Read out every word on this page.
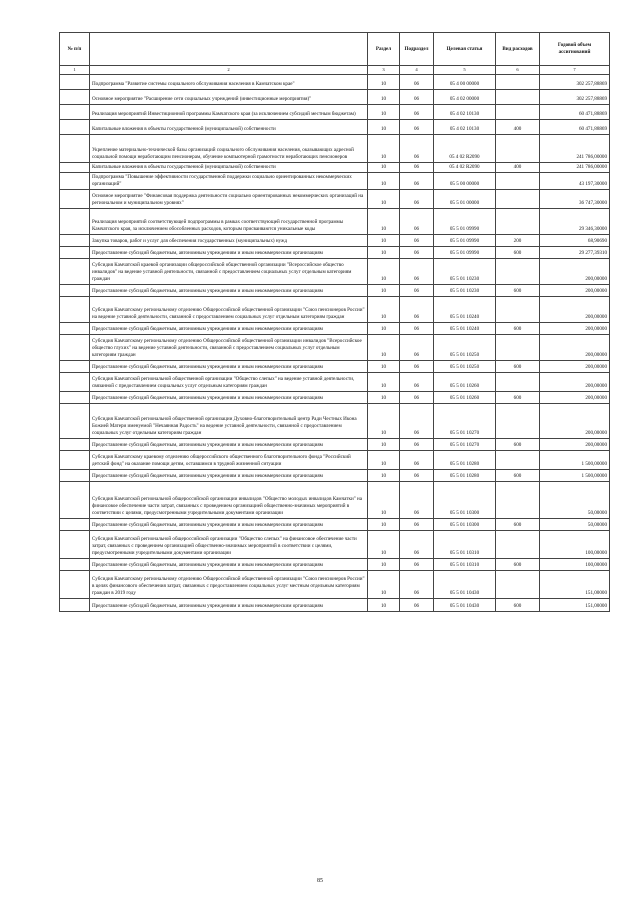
№ п/п		Раздел	Подраздел	Целевая статья	Вид расходов	Годовой объем ассигнований
1	2	3	4	5	6	7
	Подпрограмма "Развитие системы социального обслуживания населения в Камчатском крае"	10	06	05 4 00 00000		302 257,88869
	Основное мероприятие "Расширение сети социальных учреждений (инвестиционные мероприятия)"	10	06	05 4 02 00000		302 257,88869
	Реализация мероприятий Инвестиционной программы Камчатского края (за исключением субсидий местным бюджетам)	10	06	05 4 02 10130		60 471,88869
	Капитальные вложения в объекты государственной (муниципальной) собственности	10	06	05 4 02 10130	400	60 471,88869
	Укрепление материально-технической базы организаций социального обслуживания населения, оказывающих адресной социальной помощи неработающим пенсионерам, обучение компьютерной грамотности неработающих пенсионеров	10	06	05 4 02 R2090		241 786,00000
	Капитальные вложения в объекты государственной (муниципальной) собственности	10	06	05 4 02 R2090	400	241 786,00000
	Подпрограмма "Повышение эффективности государственной поддержки социально ориентированных некоммерческих организаций"	10	06	05 5 00 00000		43 197,30000
	Основное мероприятие "Финансовая поддержка деятельности социально ориентированных некоммерческих организаций на региональном и муниципальном уровнях"	10	06	05 5 01 00000		36 747,30000
	Реализация мероприятий соответствующей подпрограммы в рамках соответствующей государственной программы Камчатского края, за исключением обособленных расходов, которым присваиваются уникальные коды	10	06	05 5 01 09990		29 346,30000
	Закупка товаров, работ и услуг для обеспечения государственных (муниципальных) нужд	10	06	05 5 01 09990	200	68,90690
	Предоставление субсидий бюджетным, автономным учреждениям и иным некоммерческим организациям	10	06	05 5 01 09990	600	29 277,39310
	Субсидия Камчатской краевой организации общероссийской общественной организации "Всероссийское общество инвалидов" на ведение уставной деятельности, связанной с предоставлением социальных услуг отдельным категориям граждан	10	06	05 5 01 10230		200,00000
	Предоставление субсидий бюджетным, автономным учреждениям и иным некоммерческим организациям	10	06	05 5 01 10230	600	200,00000
	Субсидия Камчатскому региональному отделению Общероссийской общественной организации "Союз пенсионеров России" на ведение уставной деятельности, связанной с предоставлением социальных услуг отдельным категориям граждан	10	06	05 5 01 10240		200,00000
	Предоставление субсидий бюджетным, автономным учреждениям и иным некоммерческим организациям	10	06	05 5 01 10240	600	200,00000
	Субсидия Камчатскому региональному отделению Общероссийской общественной организации инвалидов "Всероссийское общество глухих" на ведение уставной деятельности, связанной с предоставлением социальных услуг отдельным категориям граждан	10	06	05 5 01 10250		200,00000
	Предоставление субсидий бюджетным, автономным учреждениям и иным некоммерческим организациям	10	06	05 5 01 10250	600	200,00000
	Субсидия Камчатской региональной общественной организации "Общество слепых" на ведение уставной деятельности, связанной с предоставлением социальных услуг отдельным категориям граждан	10	06	05 5 01 10260		200,00000
	Предоставление субсидий бюджетным, автономным учреждениям и иным некоммерческим организациям	10	06	05 5 01 10260	600	200,00000
	Субсидия Камчатской региональной общественной организации Духовно-благотворительный центр Ради Честных Икона Божией Матери именуемой "Нечаянная Радость" на ведение уставной деятельности, связанной с предоставлением социальных услуг отдельным категориям граждан	10	06	05 5 01 10270		200,00000
	Предоставление субсидий бюджетным, автономным учреждениям и иным некоммерческим организациям	10	06	05 5 01 10270	600	200,00000
	Субсидия Камчатскому краевому отделению общероссийского общественного благотворительного фонда "Российский детский фонд" на оказание помощи детям, оставшимся в трудной жизненной ситуации	10	06	05 5 01 10280		1 500,00000
	Предоставление субсидий бюджетным, автономным учреждениям и иным некоммерческим организациям	10	06	05 5 01 10280	600	1 500,00000
	Субсидия Камчатской региональной общероссийской организации инвалидов "Общество молодых инвалидов Камчатки" на финансовое обеспечение части затрат, связанных с проведением организацией общественно-значимых мероприятий в соответствии с целями, предусмотренными учредительными документами организации	10	06	05 5 01 10300		50,00000
	Предоставление субсидий бюджетным, автономным учреждениям и иным некоммерческим организациям	10	06	05 5 01 10300	600	50,00000
	Субсидия Камчатской региональной общероссийской организации "Общество слепых" на финансовое обеспечение части затрат, связанных с проведением организацией общественно-значимых мероприятий в соответствии с целями, предусмотренными учредительными документами организации	10	06	05 5 01 10310		100,00000
	Предоставление субсидий бюджетным, автономным учреждениям и иным некоммерческим организациям	10	06	05 5 01 10310	600	100,00000
	Субсидия Камчатскому региональному отделению Общероссийской общественной организации "Союз пенсионеров России" в целях финансового обеспечения затрат, связанных с предоставлением социальных услуг местным отдельным категориям граждан в 2019 году	10	06	05 5 01 10430		151,00000
	Предоставление субсидий бюджетным, автономным учреждениям и иным некоммерческим организациям	10	06	05 5 01 10430	600	151,00000
85
